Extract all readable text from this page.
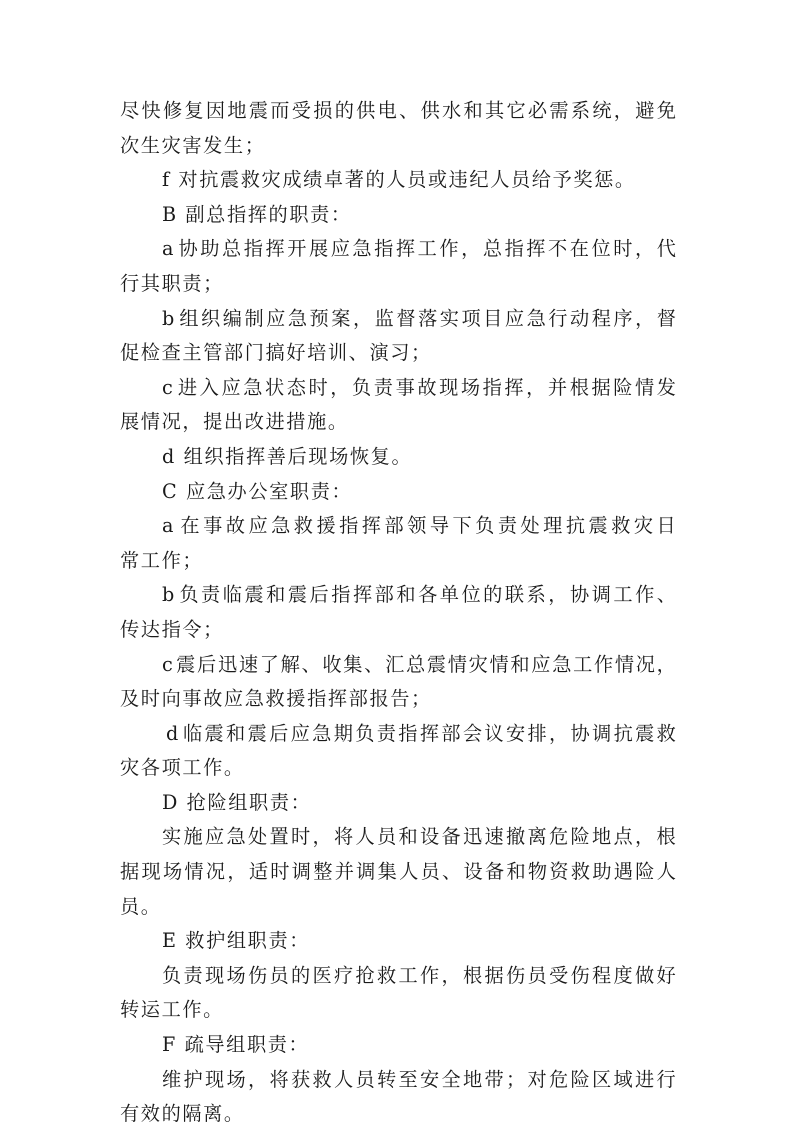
尽 快 修 复 因 地 震 而 受 损 的 供 电 、 供 水 和 其 它 必 需 系 统 ， 避 免
次生灾害发生；
f 对抗震救灾成绩卓著的人员或违纪人员给予奖惩。
B 副总指挥的职责：
a 协 助 总 指 挥 开 展 应 急 指 挥 工 作 ， 总 指 挥 不 在 位 时 ， 代
行其职责；
b 组 织 编 制 应 急 预 案 ， 监 督 落 实 项 目 应 急 行 动 程 序 ， 督
促检查主管部门搞好培训、演习；
c 进 入 应 急 状 态 时 ， 负 责 事 故 现 场 指 挥 ， 并 根 据 险 情 发
展情况，提出改进措施。
d 组织指挥善后现场恢复。
C 应急办公室职责：
a 在 事 故 应 急 救 援 指 挥 部 领 导 下 负 责 处 理 抗 震 救 灾 日
常工作；
b 负 责 临 震 和 震 后 指 挥 部 和 各 单 位 的 联 系 ， 协 调 工 作 、
传达指令；
c 震 后 迅 速 了 解 、 收 集 、 汇 总 震 情 灾 情 和 应 急 工 作 情 况 ，
及时向事故应急救援指挥部报告；
d 临 震 和 震 后 应 急 期 负 责 指 挥 部 会 议 安 排 ， 协 调 抗 震 救
灾各项工作。
D 抢险组职责：
实 施 应 急 处 置 时 ， 将 人 员 和 设 备 迅 速 撤 离 危 险 地 点 ， 根
据 现 场 情 况 ， 适 时 调 整 并 调 集 人 员 、 设 备 和 物 资 救 助 遇 险 人
员。
E 救护组职责：
负 责 现 场 伤 员 的 医 疗 抢 救 工 作 ， 根 据 伤 员 受 伤 程 度 做 好
转运工作。
F 疏导组职责：
维 护 现 场 ， 将 获 救 人 员 转 至 安 全 地 带 ； 对 危 险 区 域 进 行
有效的隔离。
